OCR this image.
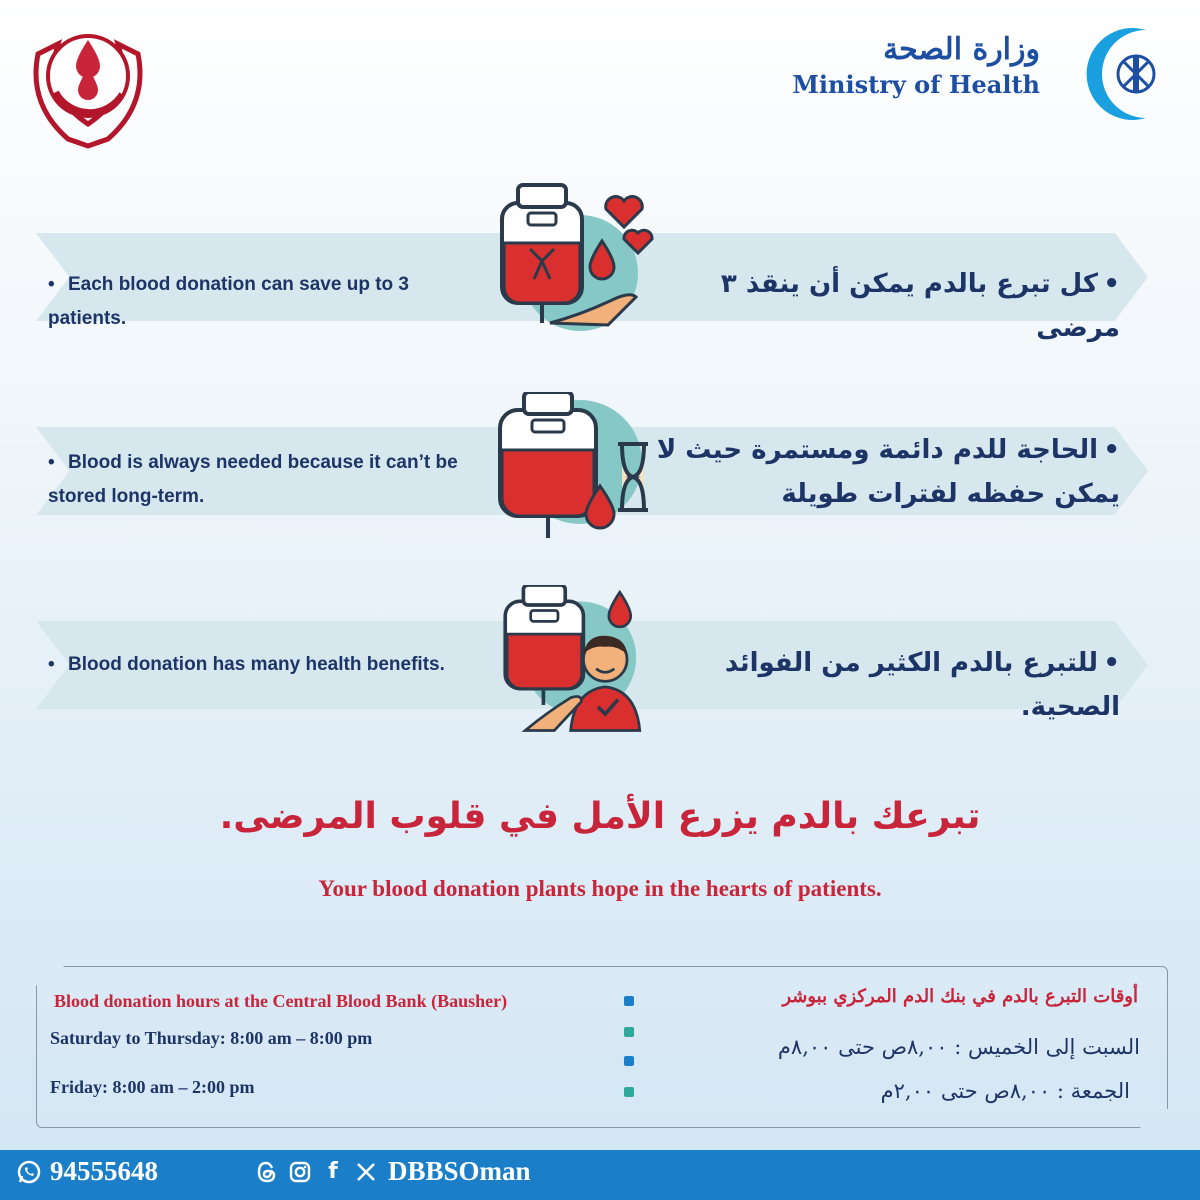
وزارة الصحة
Ministry of Health
• Each blood donation can save up to 3 patients.
•كل تبرع بالدم يمكن أن ينقذ ٣ مرضى
• Blood is always needed because it can’t be stored long-term.
•الحاجة للدم دائمة ومستمرة حيث لا يمكن حفظه لفترات طويلة
• Blood donation has many health benefits.	•للتبرع بالدم الكثير من الفوائد الصحية.
تبرعك بالدم يزرع الأمل في قلوب المرضى.
Your blood donation plants hope in the hearts of patients.
Blood donation hours at the Central Blood Bank (Bausher)
Saturday to Thursday: 8:00 am – 8:00 pm
Friday: 8:00 am – 2:00 pm
أوقات التبرع بالدم في بنك الدم المركزي ببوشر
السبت إلى الخميس : ٨,٠٠ص حتى ٨,٠٠م
الجمعة : ٨,٠٠ص حتى ٢,٠٠م
94555648	f DBBSOman
